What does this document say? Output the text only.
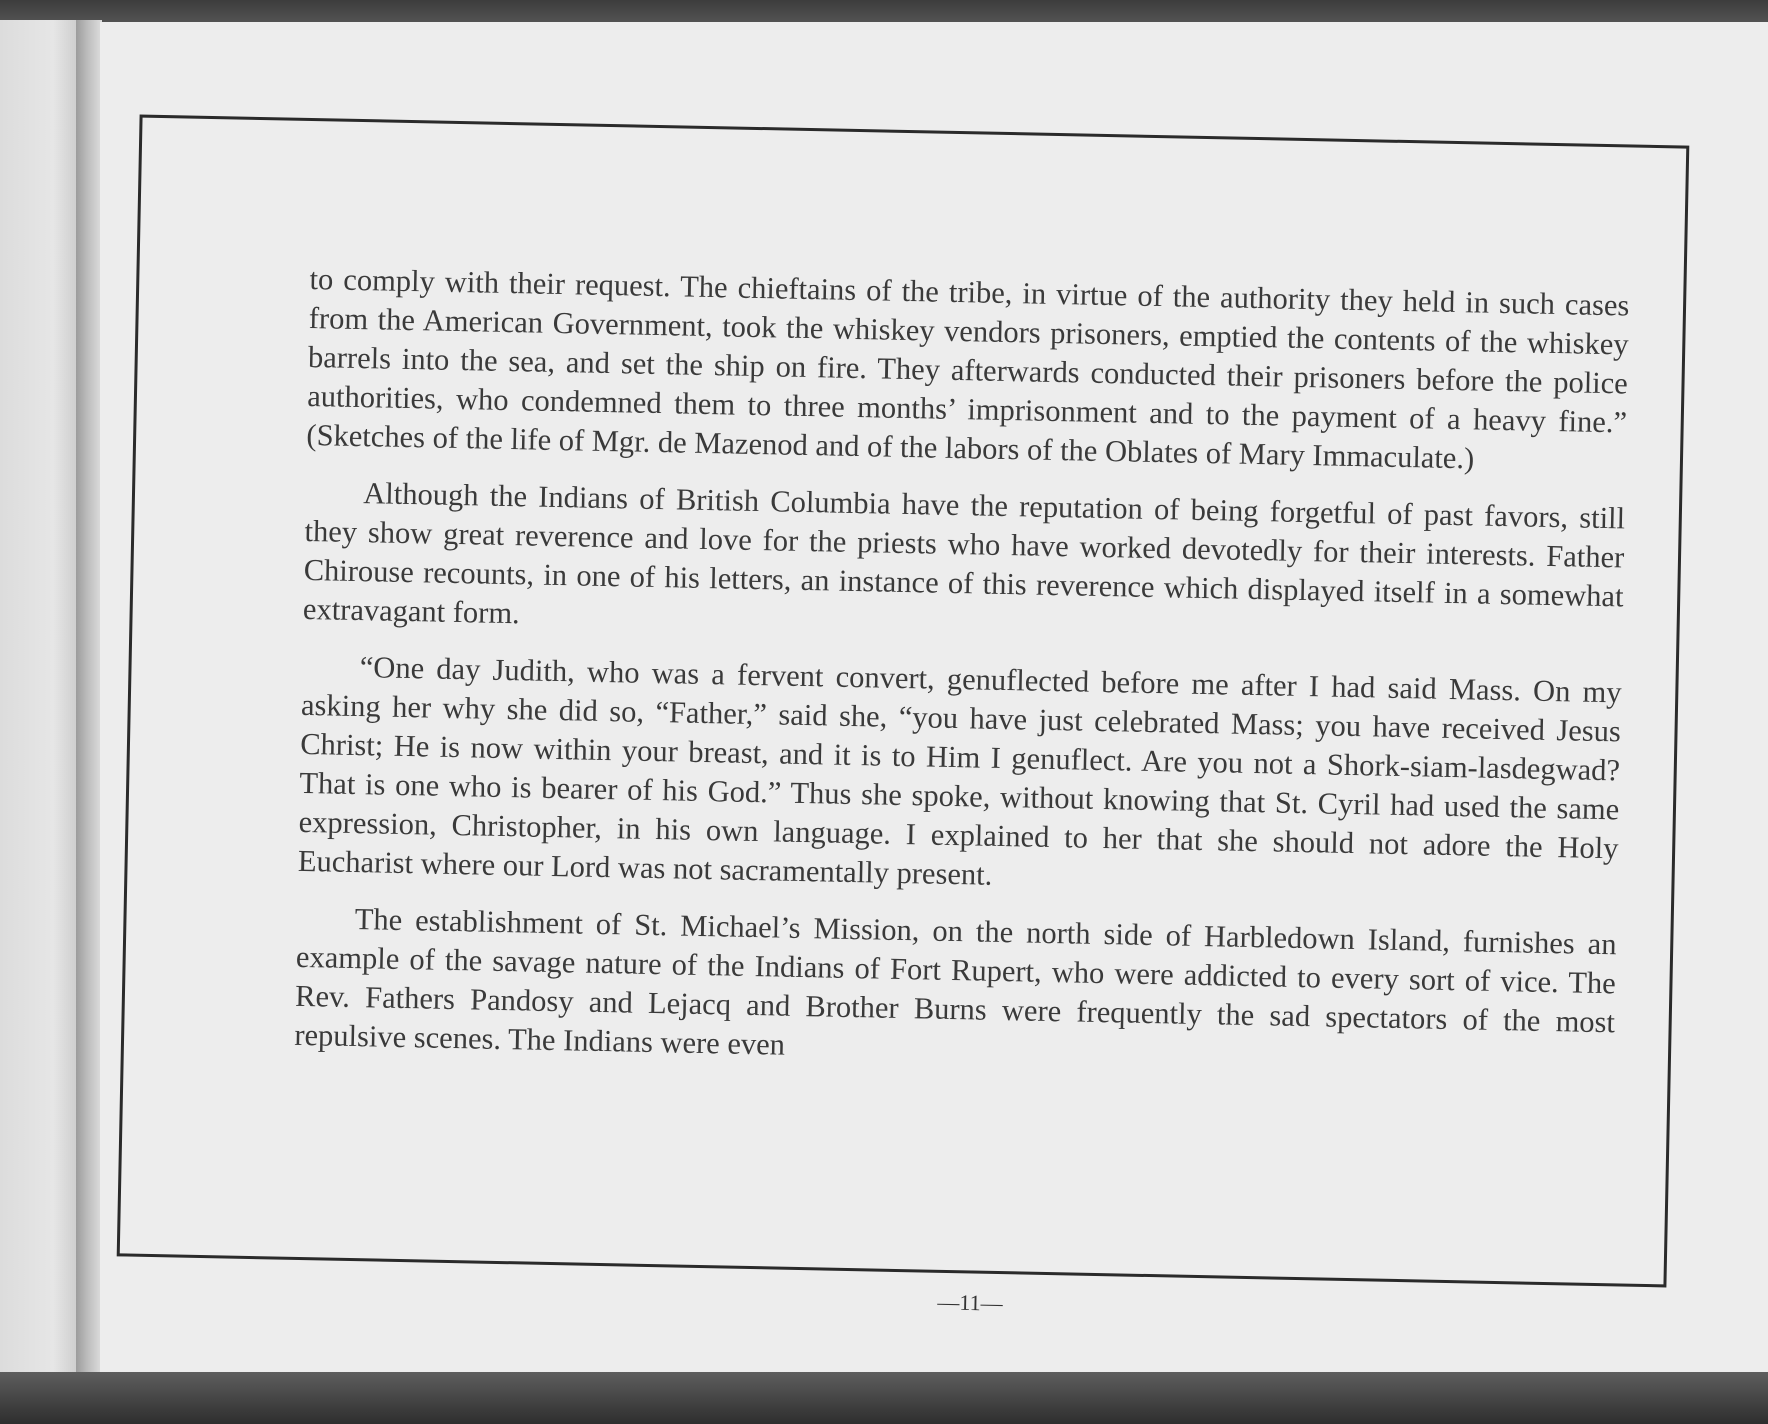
to comply with their request. The chieftains of the tribe, in virtue of the authority they held in such cases from the American Government, took the whiskey vendors prisoners, emptied the contents of the whiskey barrels into the sea, and set the ship on fire. They afterwards conducted their prisoners before the police authorities, who condemned them to three months’ imprisonment and to the payment of a heavy fine.” (Sketches of the life of Mgr. de Mazenod and of the labors of the Oblates of Mary Immaculate.)

Although the Indians of British Columbia have the reputation of being forgetful of past favors, still they show great reverence and love for the priests who have worked devotedly for their interests. Father Chirouse recounts, in one of his letters, an instance of this reverence which displayed itself in a somewhat extravagant form.

“One day Judith, who was a fervent convert, genuflected before me after I had said Mass. On my asking her why she did so, “Father,” said she, “you have just celebrated Mass; you have received Jesus Christ; He is now within your breast, and it is to Him I genuflect. Are you not a Shork-siam-lasdegwad? That is one who is bearer of his God.” Thus she spoke, without knowing that St. Cyril had used the same expression, Christopher, in his own language. I explained to her that she should not adore the Holy Eucharist where our Lord was not sacramentally present.

The establishment of St. Michael’s Mission, on the north side of Harbledown Island, furnishes an example of the savage nature of the Indians of Fort Rupert, who were addicted to every sort of vice. The Rev. Fathers Pandosy and Lejacq and Brother Burns were frequently the sad spectators of the most repulsive scenes. The Indians were even

—11—
